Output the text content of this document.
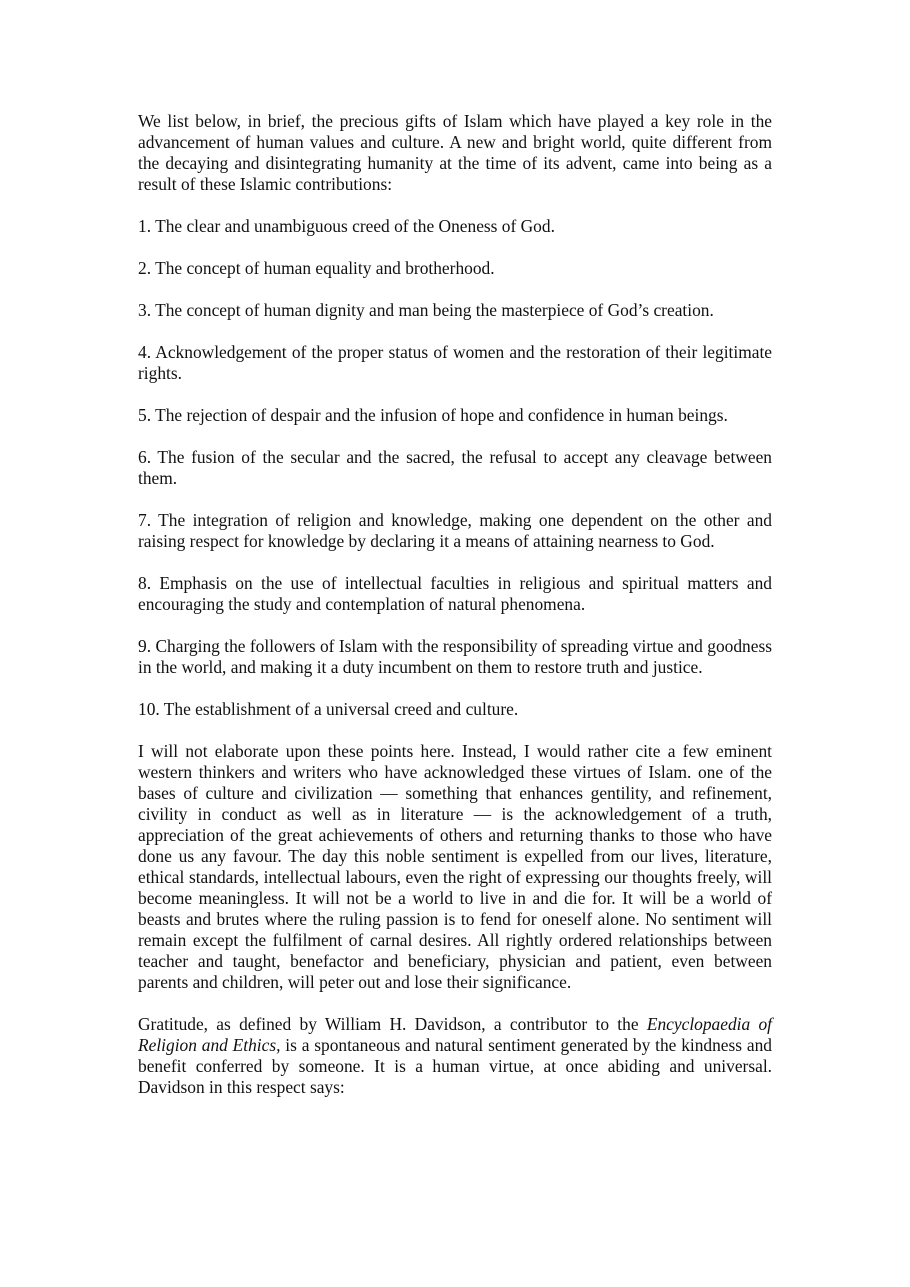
We list below, in brief, the precious gifts of Islam which have played a key role in the advancement of human values and culture. A new and bright world, quite different from the decaying and disintegrating humanity at the time of its advent, came into being as a result of these Islamic contributions:

1. The clear and unambiguous creed of the Oneness of God.

2. The concept of human equality and brotherhood.

3. The concept of human dignity and man being the masterpiece of God’s creation.

4. Acknowledgement of the proper status of women and the restoration of their legitimate rights.

5. The rejection of despair and the infusion of hope and confidence in human beings.

6. The fusion of the secular and the sacred, the refusal to accept any cleavage between them.

7. The integration of religion and knowledge, making one dependent on the other and raising respect for knowledge by declaring it a means of attaining nearness to God.

8. Emphasis on the use of intellectual faculties in religious and spiritual matters and encouraging the study and contemplation of natural phenomena.

9. Charging the followers of Islam with the responsibility of spreading virtue and goodness in the world, and making it a duty incumbent on them to restore truth and justice.

10. The establishment of a universal creed and culture.

I will not elaborate upon these points here. Instead, I would rather cite a few eminent western thinkers and writers who have acknowledged these virtues of Islam. one of the bases of culture and civilization — something that enhances gentility, and refinement, civility in conduct as well as in literature — is the acknowledgement of a truth, appreciation of the great achievements of others and returning thanks to those who have done us any favour. The day this noble sentiment is expelled from our lives, literature, ethical standards, intellectual labours, even the right of expressing our thoughts freely, will become meaningless. It will not be a world to live in and die for. It will be a world of beasts and brutes where the ruling passion is to fend for oneself alone. No sentiment will remain except the fulfilment of carnal desires. All rightly ordered relationships between teacher and taught, benefactor and beneficiary, physician and patient, even between parents and children, will peter out and lose their significance.

Gratitude, as defined by William H. Davidson, a contributor to the Encyclopaedia of Religion and Ethics, is a spontaneous and natural sentiment generated by the kindness and benefit conferred by someone. It is a human virtue, at once abiding and universal. Davidson in this respect says:
